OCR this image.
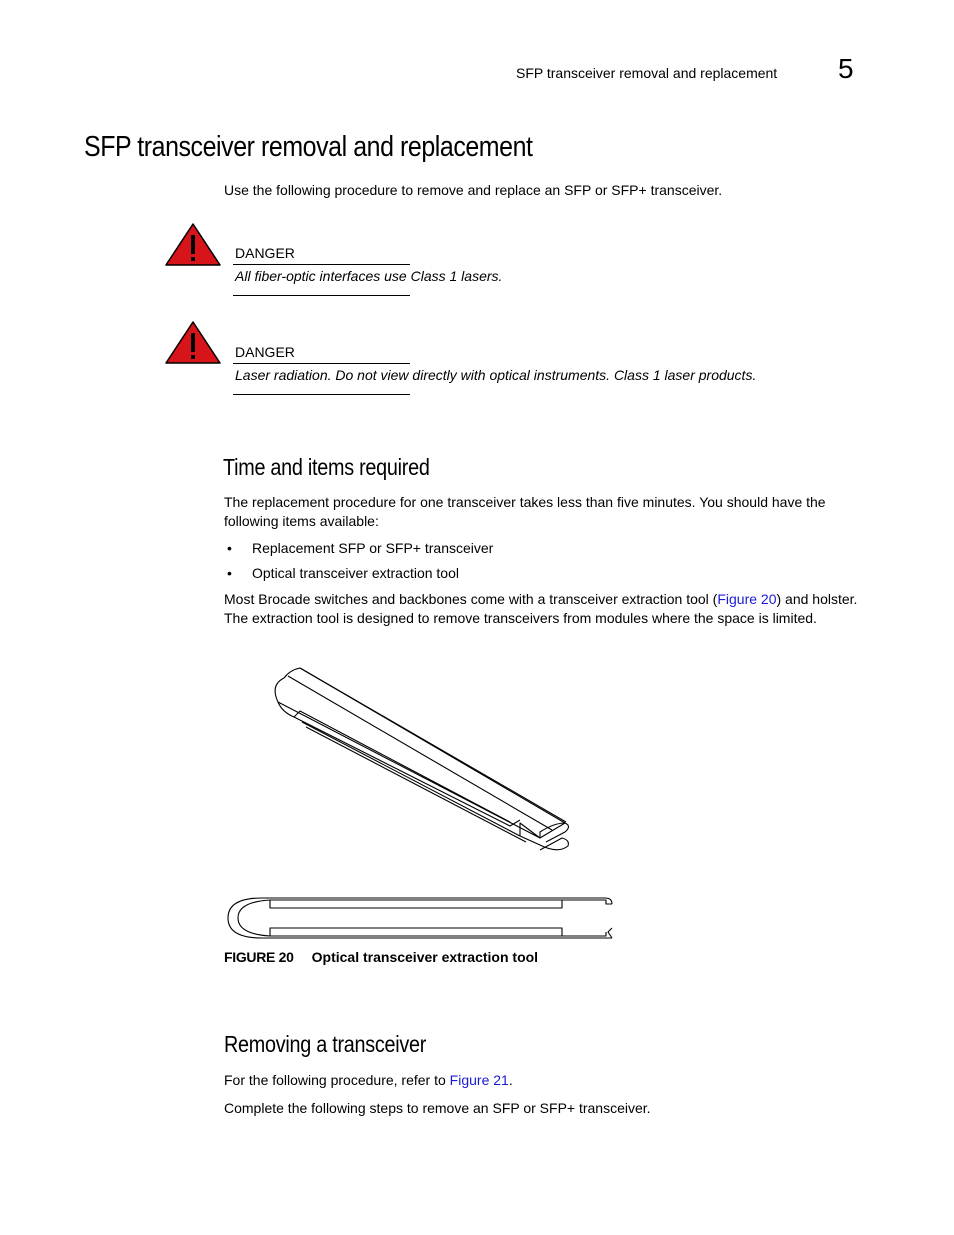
SFP transceiver removal and replacement 5
SFP transceiver removal and replacement
Use the following procedure to remove and replace an SFP or SFP+ transceiver.
DANGER
All fiber-optic interfaces use Class 1 lasers.
DANGER
Laser radiation. Do not view directly with optical instruments. Class 1 laser products.
Time and items required
The replacement procedure for one transceiver takes less than five minutes. You should have the following items available:
• Replacement SFP or SFP+ transceiver
• Optical transceiver extraction tool
Most Brocade switches and backbones come with a transceiver extraction tool (Figure 20) and holster. The extraction tool is designed to remove transceivers from modules where the space is limited.
FIGURE 20 Optical transceiver extraction tool
Removing a transceiver
For the following procedure, refer to Figure 21.
Complete the following steps to remove an SFP or SFP+ transceiver.
